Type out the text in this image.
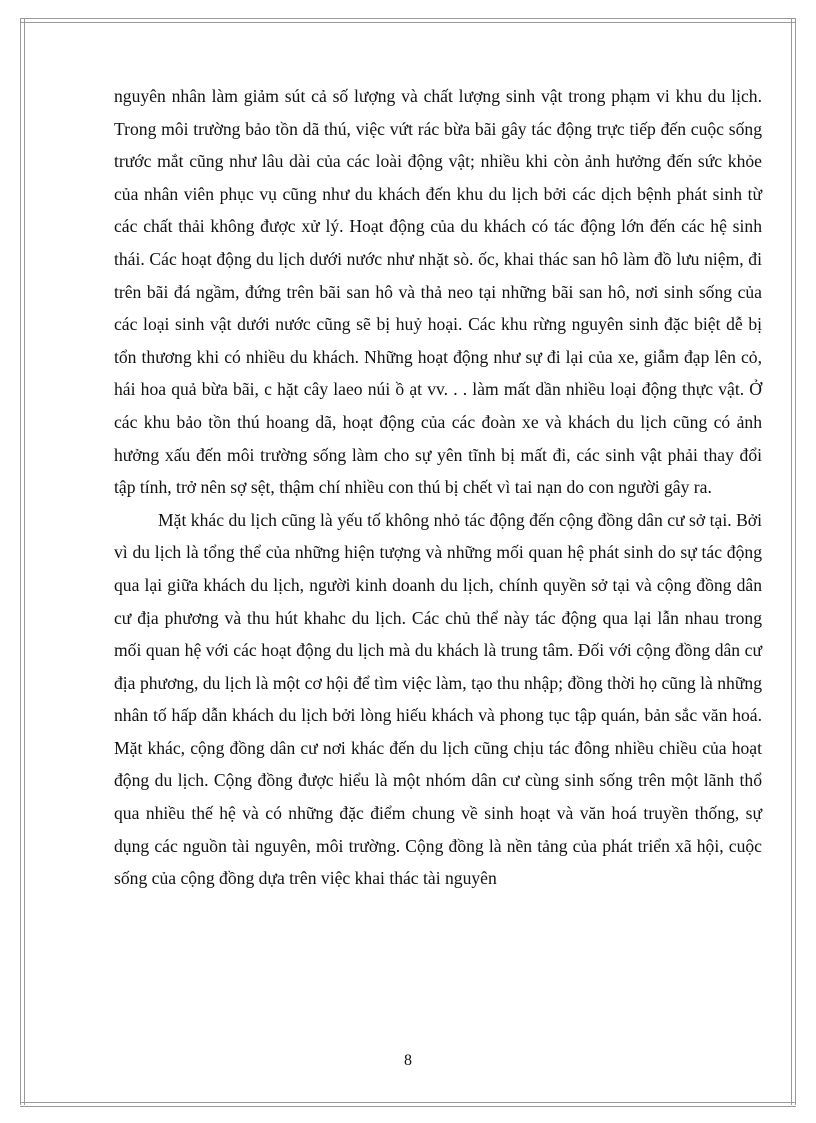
nguyên nhân làm giảm sút cả số lượng và chất lượng sinh vật trong phạm vi khu du lịch. Trong môi trường bảo tồn dã thú, việc vứt rác bừa bãi gây tác động trực tiếp đến cuộc sống trước mắt cũng như lâu dài của các loài động vật; nhiều khi còn ảnh hưởng đến sức khỏe của nhân viên phục vụ cũng như du khách đến khu du lịch bởi các dịch bệnh phát sinh từ các chất thải không được xử lý. Hoạt động của du khách có tác động lớn đến các hệ sinh thái. Các hoạt động du lịch dưới nước như nhặt sò. ốc, khai thác san hô làm đồ lưu niệm, đi trên bãi đá ngầm, đứng trên bãi san hô và thả neo tại những bãi san hô, nơi sinh sống của các loại sinh vật dưới nước cũng sẽ bị huỷ hoại. Các khu rừng nguyên sinh đặc biệt dễ bị tổn thương khi có nhiều du khách. Những hoạt động như sự đi lại của xe, giẫm đạp lên cỏ, hái hoa quả bừa bãi, c hặt cây laeo núi ồ ạt vv. . . làm mất dần nhiều loại động thực vật. Ở các khu bảo tồn thú hoang dã, hoạt động của các đoàn xe và khách du lịch cũng có ảnh hưởng xấu đến môi trường sống làm cho sự yên tĩnh bị mất đi, các sinh vật phải thay đổi tập tính, trở nên sợ sệt, thậm chí nhiều con thú bị chết vì tai nạn do con người gây ra.

Mặt khác du lịch cũng là yếu tố không nhỏ tác động đến cộng đồng dân cư sở tại. Bởi vì du lịch là tổng thể của những hiện tượng và những mối quan hệ phát sinh do sự tác động qua lại giữa khách du lịch, người kinh doanh du lịch, chính quyền sở tại và cộng đồng dân cư địa phương và thu hút khahc du lịch. Các chủ thể này tác động qua lại lẫn nhau trong mối quan hệ với các hoạt động du lịch mà du khách là trung tâm. Đối với cộng đồng dân cư địa phương, du lịch là một cơ hội để tìm việc làm, tạo thu nhập; đồng thời họ cũng là những nhân tố hấp dẫn khách du lịch bởi lòng hiếu khách và phong tục tập quán, bản sắc văn hoá. Mặt khác, cộng đồng dân cư nơi khác đến du lịch cũng chịu tác đông nhiều chiều của hoạt động du lịch. Cộng đồng được hiểu là một nhóm dân cư cùng sinh sống trên một lãnh thổ qua nhiều thế hệ và có những đặc điểm chung về sinh hoạt và văn hoá truyền thống, sự dụng các nguồn tài nguyên, môi trường. Cộng đồng là nền tảng của phát triển xã hội, cuộc sống của cộng đồng dựa trên việc khai thác tài nguyên

8
